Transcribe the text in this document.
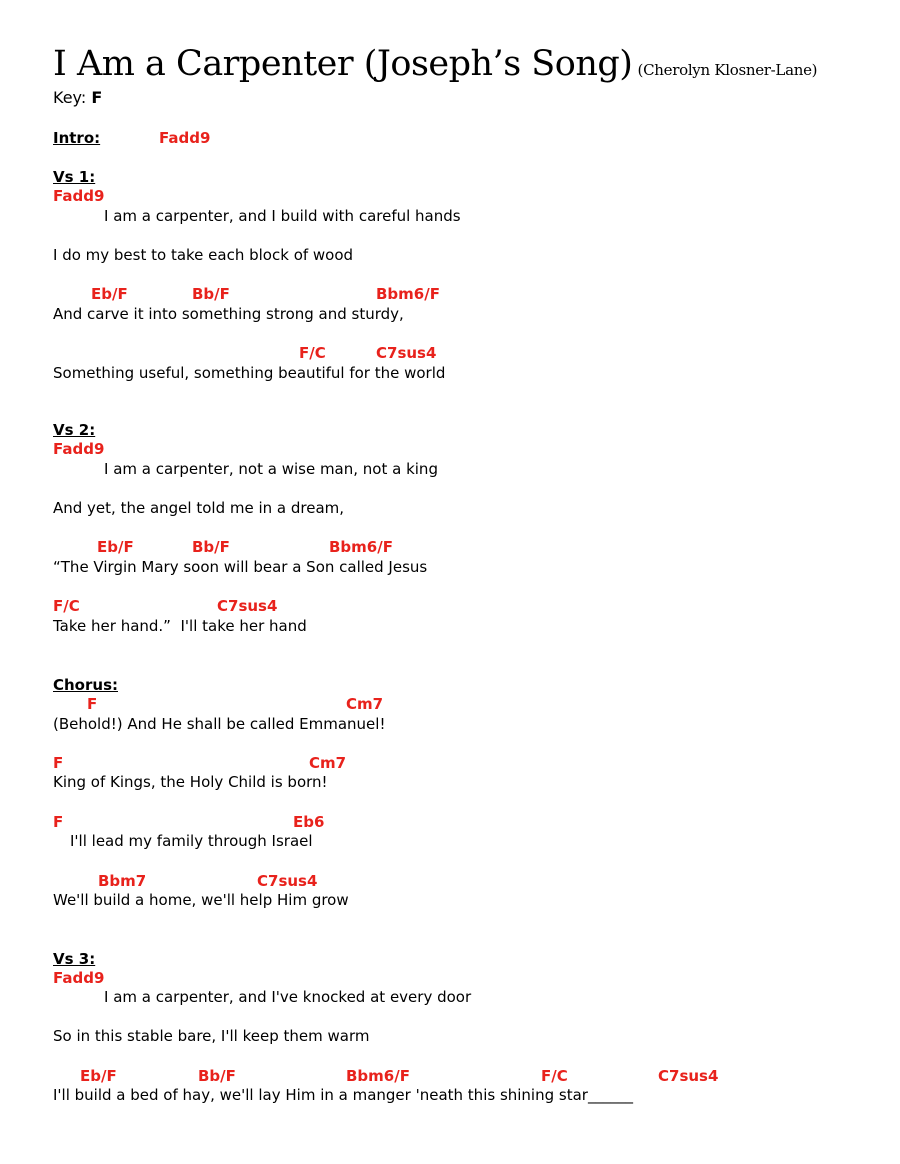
I Am a Carpenter (Joseph’s Song) (Cherolyn Klosner-Lane)
Key: F
Intro:	Fadd9
Vs 1:
Fadd9
I am a carpenter, and I build with careful hands
I do my best to take each block of wood
Eb/F	Bb/F	Bbm6/F
And carve it into something strong and sturdy,
F/C	C7sus4
Something useful, something beautiful for the world
Vs 2:
Fadd9
I am a carpenter, not a wise man, not a king
And yet, the angel told me in a dream,
Eb/F	Bb/F	Bbm6/F
“The Virgin Mary soon will bear a Son called Jesus
F/C	C7sus4
Take her hand.”  I'll take her hand
Chorus:
F	Cm7
(Behold!) And He shall be called Emmanuel!
F	Cm7
King of Kings, the Holy Child is born!
F	Eb6
I'll lead my family through Israel
Bbm7	C7sus4
We'll build a home, we'll help Him grow
Vs 3:
Fadd9
I am a carpenter, and I've knocked at every door
So in this stable bare, I'll keep them warm
Eb/F	Bb/F	Bbm6/F	F/C	C7sus4
I'll build a bed of hay, we'll lay Him in a manger 'neath this shining star______
